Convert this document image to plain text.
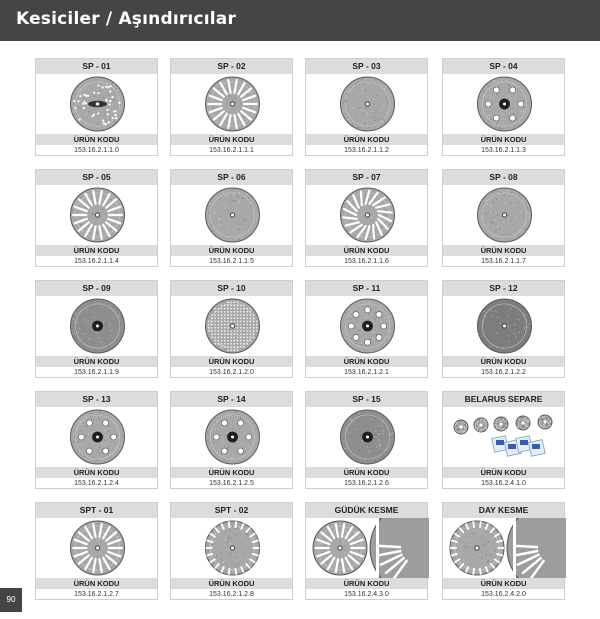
Kesiciler / Aşındırıcılar
SP - 01
ÜRÜN KODU
153.16.2.1.1.0
SP - 02
ÜRÜN KODU
153.16.2.1.1.1
SP - 03
ÜRÜN KODU
153.16.2.1.1.2
SP - 04
ÜRÜN KODU
153.16.2.1.1.3
SP - 05
ÜRÜN KODU
153.16.2.1.1.4
SP - 06
ÜRÜN KODU
153.16.2.1.1.5
SP - 07
ÜRÜN KODU
153.16.2.1.1.6
SP - 08
ÜRÜN KODU
153.16.2.1.1.7
SP - 09
ÜRÜN KODU
153.16.2.1.1.9
SP - 10
ÜRÜN KODU
153.16.2.1.2.0
SP - 11
ÜRÜN KODU
153.16.2.1.2.1
SP - 12
ÜRÜN KODU
153.16.2.1.2.2
SP - 13
ÜRÜN KODU
153.16.2.1.2.4
SP - 14
ÜRÜN KODU
153.16.2.1.2.5
SP - 15
ÜRÜN KODU
153.16.2.1.2.6
BELARUS SEPARE
ÜRÜN KODU
153.16.2.4.1.0
SPT - 01
ÜRÜN KODU
153.16.2.1.2.7
SPT - 02
ÜRÜN KODU
153.16.2.1.2.8
GÜDÜK KESME
ÜRÜN KODU
153.16.2.4.3.0
DAY KESME
ÜRÜN KODU
153.16.2.4.2.0
90
